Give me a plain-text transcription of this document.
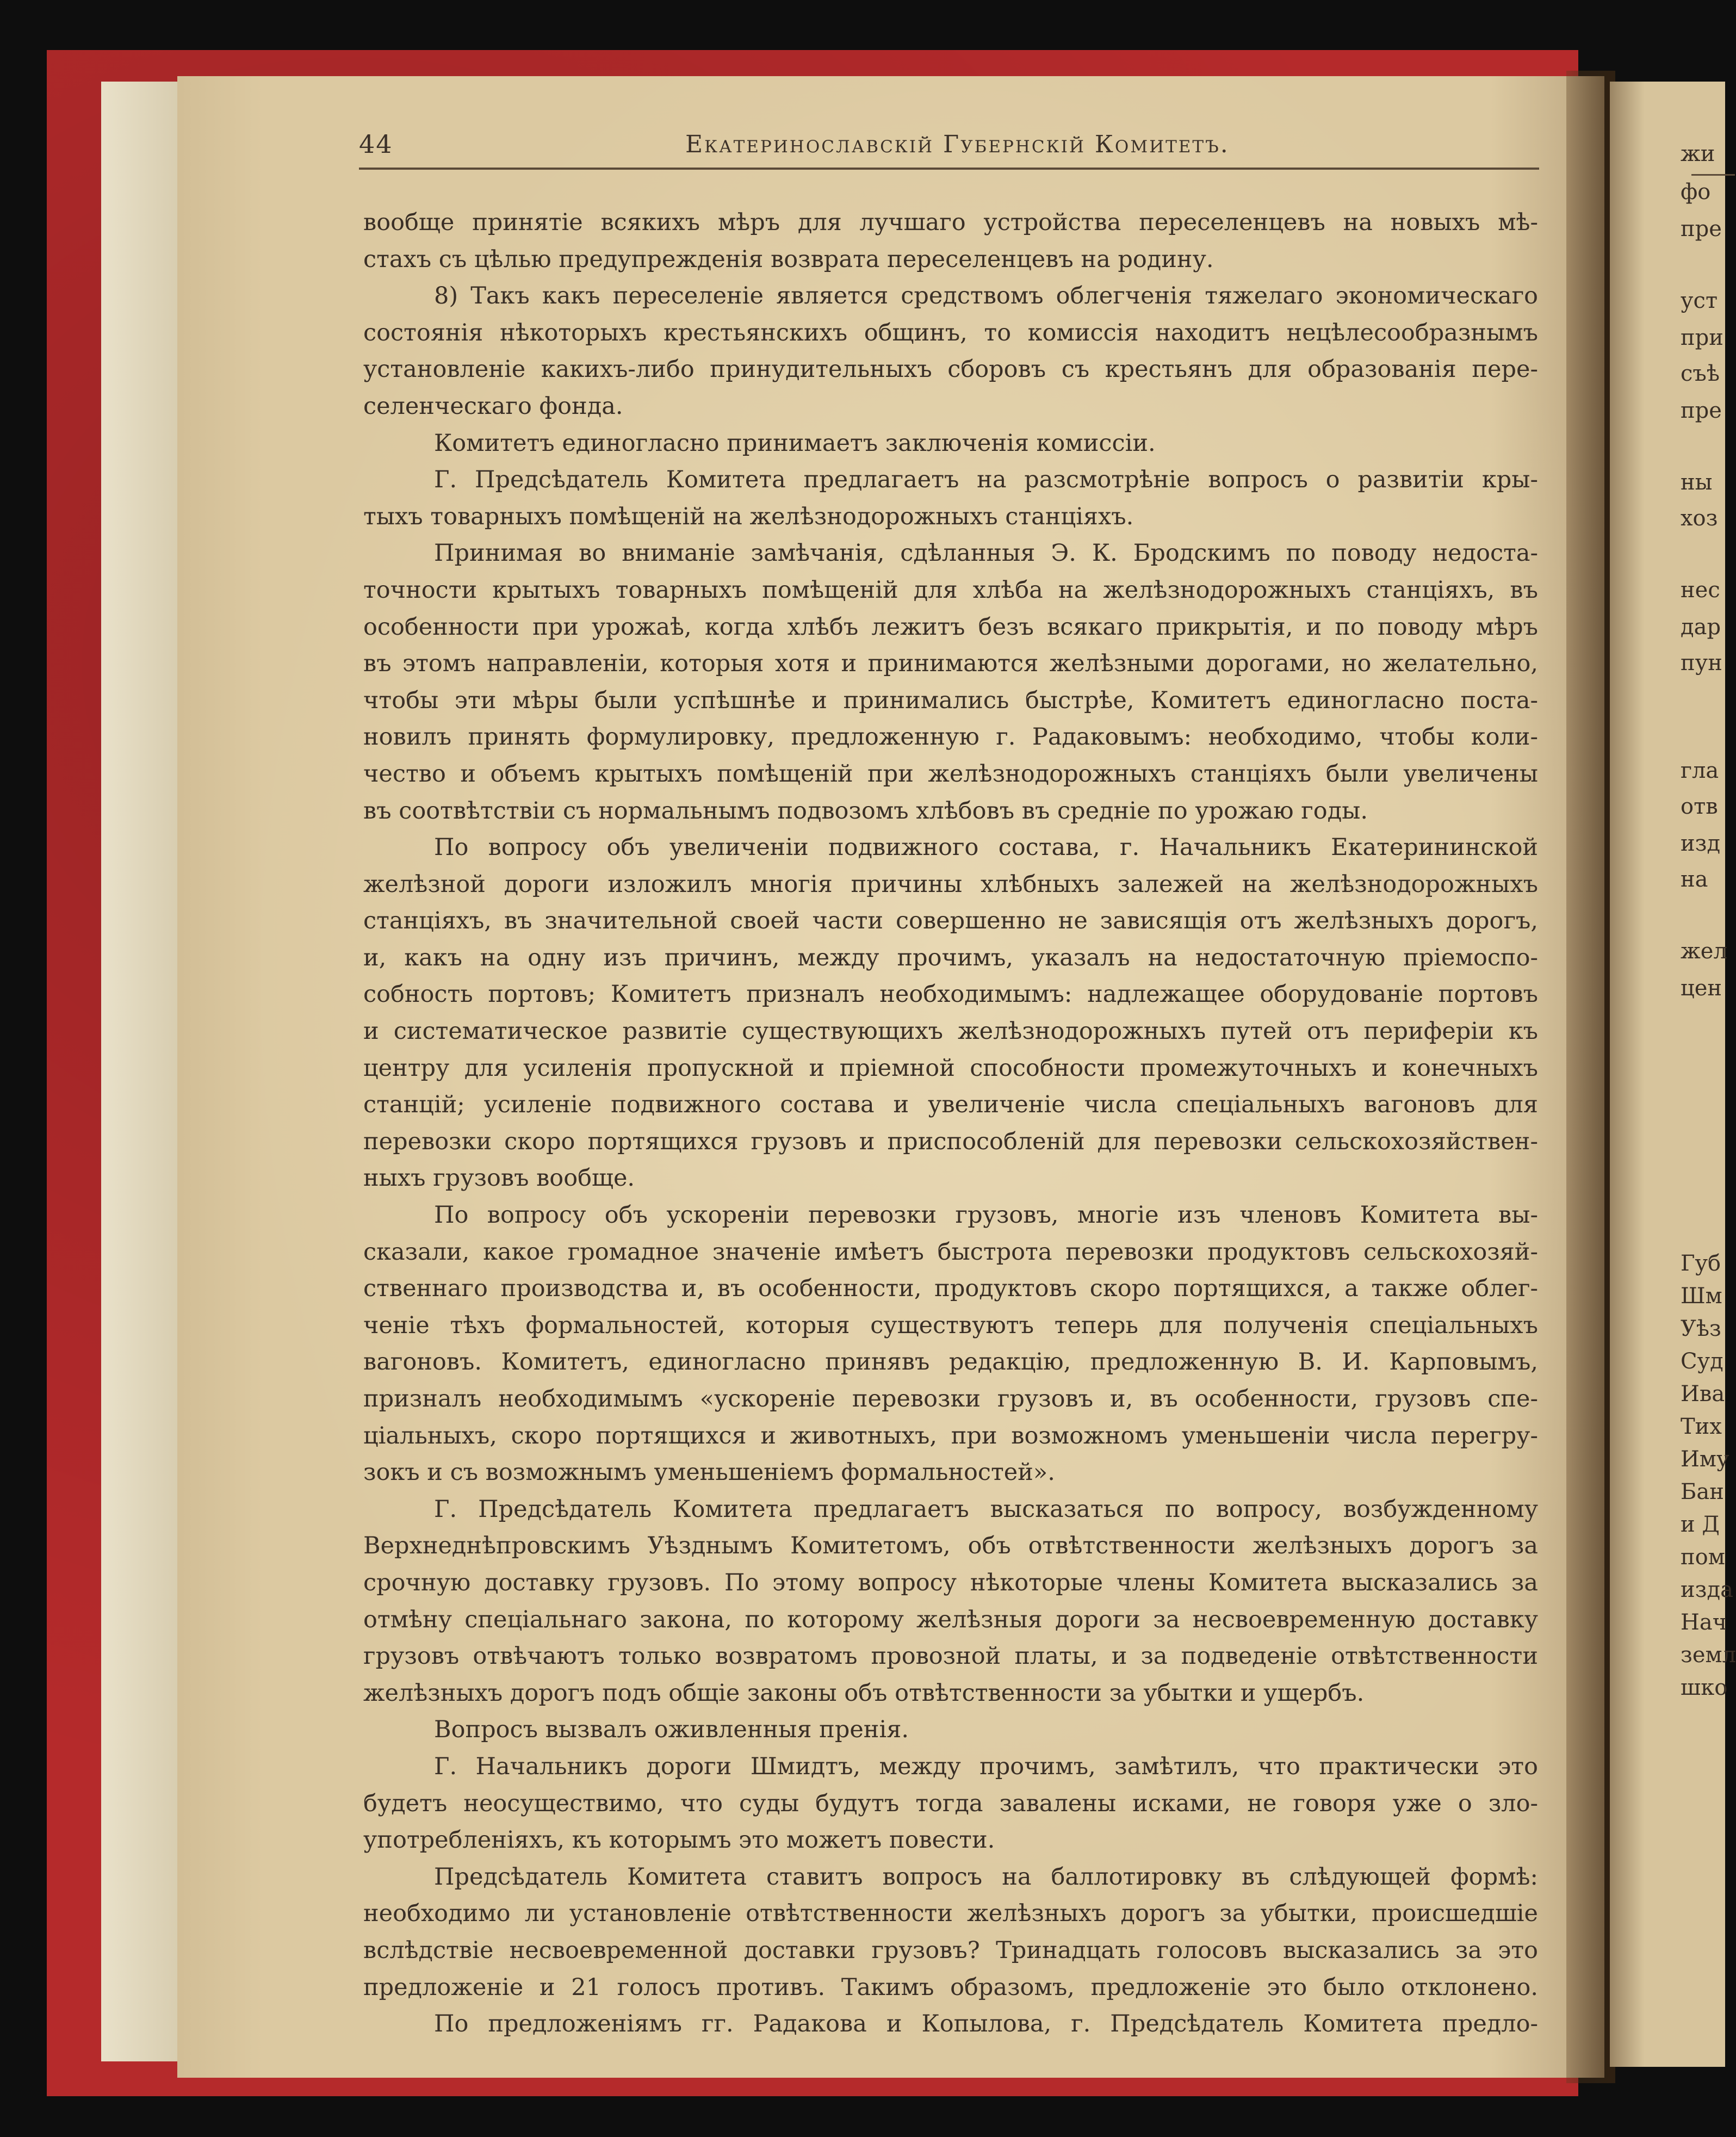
жи
фо
пре
уст
при
съѣ
пре
ны
хоз
нес
дар
пун
гла
отв
изд
на
жел
цен
Губ
Шм
Уѣз
Суд
Ива
Тих
Иму
Бан
и Д
пом
изда
Нач
земл
шко
44	Екатеринославскій Губернскій Комитетъ.
вообще принятіе всякихъ мѣръ для лучшаго устройства переселенцевъ на новыхъ мѣ-
стахъ съ цѣлью предупрежденія возврата переселенцевъ на родину.
8) Такъ какъ переселеніе является средствомъ облегченія тяжелаго экономическаго
состоянія нѣкоторыхъ крестьянскихъ общинъ, то комиссія находитъ нецѣлесообразнымъ
установленіе какихъ-либо принудительныхъ сборовъ съ крестьянъ для образованія пере-
селенческаго фонда.
Комитетъ единогласно принимаетъ заключенія комиссіи.
Г. Предсѣдатель Комитета предлагаетъ на разсмотрѣніе вопросъ о развитіи кры-
тыхъ товарныхъ помѣщеній на желѣзнодорожныхъ станціяхъ.
Принимая во вниманіе замѣчанія, сдѣланныя Э. К. Бродскимъ по поводу недоста-
точности крытыхъ товарныхъ помѣщеній для хлѣба на желѣзнодорожныхъ станціяхъ, въ
особенности при урожаѣ, когда хлѣбъ лежитъ безъ всякаго прикрытія, и по поводу мѣръ
въ этомъ направленіи, которыя хотя и принимаются желѣзными дорогами, но желательно,
чтобы эти мѣры были успѣшнѣе и принимались быстрѣе, Комитетъ единогласно поста-
новилъ принять формулировку, предложенную г. Радаковымъ: необходимо, чтобы коли-
чество и объемъ крытыхъ помѣщеній при желѣзнодорожныхъ станціяхъ были увеличены
въ соотвѣтствіи съ нормальнымъ подвозомъ хлѣбовъ въ средніе по урожаю годы.
По вопросу объ увеличеніи подвижного состава, г. Начальникъ Екатерининской
желѣзной дороги изложилъ многія причины хлѣбныхъ залежей на желѣзнодорожныхъ
станціяхъ, въ значительной своей части совершенно не зависящія отъ желѣзныхъ дорогъ,
и, какъ на одну изъ причинъ, между прочимъ, указалъ на недостаточную пріемоспо-
собность портовъ; Комитетъ призналъ необходимымъ: надлежащее оборудованіе портовъ
и систематическое развитіе существующихъ желѣзнодорожныхъ путей отъ периферіи къ
центру для усиленія пропускной и пріемной способности промежуточныхъ и конечныхъ
станцій; усиленіе подвижного состава и увеличеніе числа спеціальныхъ вагоновъ для
перевозки скоро портящихся грузовъ и приспособленій для перевозки сельскохозяйствен-
ныхъ грузовъ вообще.
По вопросу объ ускореніи перевозки грузовъ, многіе изъ членовъ Комитета вы-
сказали, какое громадное значеніе имѣетъ быстрота перевозки продуктовъ сельскохозяй-
ственнаго производства и, въ особенности, продуктовъ скоро портящихся, а также облег-
ченіе тѣхъ формальностей, которыя существуютъ теперь для полученія спеціальныхъ
вагоновъ. Комитетъ, единогласно принявъ редакцію, предложенную В. И. Карповымъ,
призналъ необходимымъ «ускореніе перевозки грузовъ и, въ особенности, грузовъ спе-
ціальныхъ, скоро портящихся и животныхъ, при возможномъ уменьшеніи числа перегру-
зокъ и съ возможнымъ уменьшеніемъ формальностей».
Г. Предсѣдатель Комитета предлагаетъ высказаться по вопросу, возбужденному
Верхнеднѣпровскимъ Уѣзднымъ Комитетомъ, объ отвѣтственности желѣзныхъ дорогъ за
срочную доставку грузовъ. По этому вопросу нѣкоторые члены Комитета высказались за
отмѣну спеціальнаго закона, по которому желѣзныя дороги за несвоевременную доставку
грузовъ отвѣчаютъ только возвратомъ провозной платы, и за подведеніе отвѣтственности
желѣзныхъ дорогъ подъ общіе законы объ отвѣтственности за убытки и ущербъ.
Вопросъ вызвалъ оживленныя пренія.
Г. Начальникъ дороги Шмидтъ, между прочимъ, замѣтилъ, что практически это
будетъ неосуществимо, что суды будутъ тогда завалены исками, не говоря уже о зло-
употребленіяхъ, къ которымъ это можетъ повести.
Предсѣдатель Комитета ставитъ вопросъ на баллотировку въ слѣдующей формѣ:
необходимо ли установленіе отвѣтственности желѣзныхъ дорогъ за убытки, происшедшіе
вслѣдствіе несвоевременной доставки грузовъ? Тринадцать голосовъ высказались за это
предложеніе и 21 голосъ противъ. Такимъ образомъ, предложеніе это было отклонено.
По предложеніямъ гг. Радакова и Копылова, г. Предсѣдатель Комитета предло-
